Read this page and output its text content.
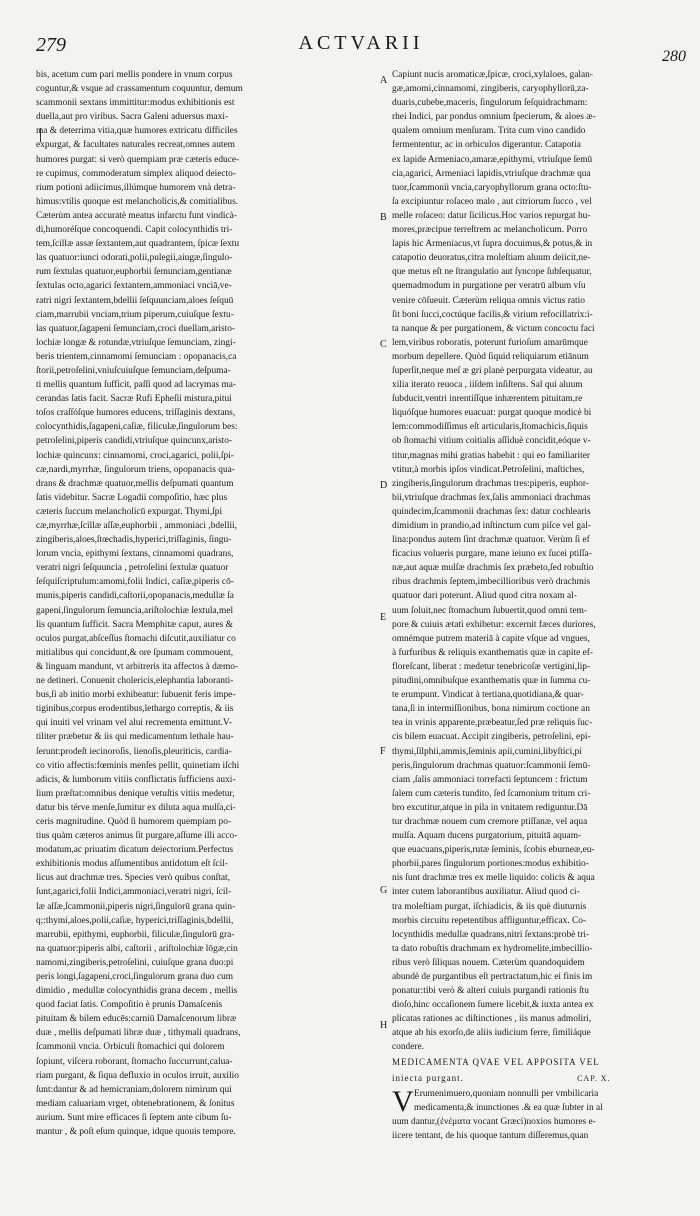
279	ACTVARII
280
A
B
C
D
E
F
G
H
bis, acetum cum pari mellis pondere in vnum corpus
coguntur,& vsque ad crassamentum coquuntur, demum
scammonii sextans immittitur:modus exhibitionis est
duella,aut pro viribus. Sacra Galeni aduersus maxi-
ma & deterrima vitia,quæ humores extricatu difficiles
expurgat, & facultates naturales recreat,omnes autem
humores purgat: si verò quempiam præ cæteris educe-
re cupimus, commoderatum simplex aliquod deiecto-
rium potioni adiicimus,illúmque humorem vnà detra-
himus:vtilis quoque est melancholicis,& comitialibus.
Cæterùm antea accuratè meatus infarctu funt vindicà-
di,humoréſque concoquendi. Capit colocynthidis tri-
tem,ſcillæ assæ ſextantem,aut quadrantem, ſpicæ ſextu
las quatuor:iunci odorati,polii,pulegii,aiugæ,ſingulo-
rum ſextulas quatuor,euphorbii ſemunciam,gentianæ
ſextulas octo,agarici ſextantem,ammoniaci vnciā,ve-
ratri nigri ſextantem,bdellii ſeſquunciam,aloes ſeſquū
ciam,marrubii vnciam,trium piperum,cuiuſque ſextu-
las quatuor,ſagapeni ſemunciam,croci duellam,aristo-
lochiæ longæ & rotundæ,vtriuſque ſemunciam, zingi-
beris trientem,cinnamomi ſemunciam : opopanacis,ca
ſtorii,petroſelini,vniuſcuiuſque ſemunciam,deſpuma-
ti mellis quantum ſufficit, paſſi quod ad lacrymas ma-
cerandas ſatis facit. Sacræ Rufi Epheſii mistura,pitui
toſos craſſóſque humores educens, triſſaginis dextans,
colocynthidis,ſagapeni,caſiæ, filiculæ,ſingulorum bes:
petroſelini,piperis candidi,vtriuſque quincunx,aristo-
lochiæ quincunx: cinnamomi, croci,agarici, polii,ſpi-
cæ,nardi,myrrhæ, ſingulorum triens, opopanacis qua-
drans & drachmæ quatuor,mellis deſpumati quantum
ſatis videbitur. Sacræ Logadii compoſitio, hæc plus
cæteris ſuccum melancholicū expurgat. Thymi,ſpi
cæ,myrrhæ,ſcillæ aſſæ,euphorbii , ammoniaci ,bdellii,
zingiberis,aloes,ſtœchadis,hyperici,triſſaginis, ſingu-
lorum vncia, epithymi ſextans, cinnamomi quadrans,
veratri nigri ſeſquuncia , petroſelini ſextulæ quatuor
ſeſquiſcriptulum:amomi,folii Indici, caſiæ,piperis cō-
munis,piperis candidi,caſtorii,opopanacis,medullæ ſa
gapeni,ſingulorum ſemuncia,ariſtolochiæ ſextula,mel
lis quantum ſufficit. Sacra Memphitæ caput, aures &
oculos purgat,abſceſſus ſtomachi diſcutit,auxiliatur co
mitialibus qui concidunt,& ore ſpumam commouent,
& linguam mandunt, vt arbitreris ita affectos à dæmo-
ne detineri. Conuenit cholericis,elephantia laboranti-
bus,ſi ab initio morbi exhibeatur: ſubuenit feris impe-
tiginibus,corpus erodentibus,lethargo correptis, & iis
qui inuiti vel vrinam vel alui recrementa emittunt.V-
tiliter præbetur & iis qui medicamentum lethale hau-
ſerunt:prodeſt iecinoroſis, lienoſis,pleuriticis, cardia-
co vitio affectis:fœminis menſes pellit, quinetiam iſchi
adicis, & lumborum vitiis conflictatis ſufficiens auxi-
lium præſtat:omnibus denique vetuſtis vitiis medetur,
datur bis térve menſe,ſumitur ex diluta aqua mulſa,ci-
ceris magnitudine. Quòd ſi humorem quempiam po-
tius quàm cæteros animus ſit purgare,aſſume illi acco-
modatum,ac priuatim dicatum deiectorium.Perfectus
exhibitionis modus aſſumentibus antidotum eſt ſcil-
licus aut drachmæ tres. Species verò quibus conſtat,
ſunt,agarici,folii Indici,ammoniaci,veratri nigri, ſcil-
læ aſſæ,ſcammonii,piperis nigri,ſingulorū grana quin-
q;:thymi,aloes,polii,caſiæ, hyperici,triſſaginis,bdellii,
marrubii, epithymi, euphorbii, filiculæ,ſingulorū gra-
na quatuor:piperis albi, caſtorii , ariſtolochiæ lōgæ,cin
namomi,zingiberis,petroſelini, cuiuſque grana duo:pi
peris longi,ſagapeni,croci,ſingulorum grana duo cum
dimidio , medullæ colocynthidis grana decem , mellis
quod faciat ſatis. Compoſitio è prunis Damaſcenis
pituitam & bilem educēs:carniū Damaſcenorum libræ
duæ , mellis deſpumati libræ duæ , tithymali quadrans,
ſcammonii vncia. Orbiculi ſtomachici qui dolorem
ſopiunt, viſcera roborant, ſtomacho ſuccurrunt,calua-
riam purgant, & ſiqua defluxio in oculos irruit, auxilio
ſunt:dantur & ad hemicraniam,dolorem nimirum qui
mediam caluariam vrget, obtenebrationem, & ſonitus
aurium. Sunt mire efficaces ſi ſeptem ante cibum ſu-
mantur , & poſt eſum quinque, idque quouis tempore.
Capiunt nucis aromaticæ,ſpicæ, croci,xylaloes, galan-
gæ,amomi,cinnamomi, zingiberis, caryophyllorū,za-
duaris,cubebe,maceris, ſingulorum ſeſquidrachmam:
rhei Indici, par pondus omnium ſpecierum, & aloes æ-
qualem omnium menſuram. Trita cum vino candido
fermententur, ac in orbiculos digerantur. Catapotia
ex lapide Armeniaco,amaræ,epithymi, vtriuſque ſemū
cia,agarici, Armeniaci lapidis,vtriuſque drachmæ qua
tuor,ſcammonii vncia,caryophyllorum grana octo:ſtu-
ſa excipiuntur roſaceo malo , aut citriorum ſucco , vel
melle roſaceo: datur ſicilicus.Hoc varios repurgat hu-
mores,præcipue terreſtrem ac melancholicum. Porro
lapis hic Armeniacus,vt ſupra docuimus,& potus,& in
catapotio deuoratus,citra moleſtiam aluum deiicit,ne-
que metus eſt ne ſtrangulatio aut ſyncope ſubſequatur,
quemadmodum in purgatione per veratrū album vſu
venire cōſueuit. Cæterùm reliqua omnis victus ratio
ſit boni ſucci,coctúque facilis,& virium refocillatrix:i-
ta nanque & per purgationem, & victum concoctu faci
lem,viribus roboratis, poterunt furioſum amarūmque
morbum depellere. Quòd ſiquid reliquiarum etiānum
ſuperſit,neque meſ æ gri planè perpurgata videatur, au
xilia iterato reuoca , iiſdem inſiſtens. Sal qui aluum
ſubducit,ventri inrentiſſque inhærentem pituitam,re
liquóſque humores euacuat: purgat quoque modicè bi
lem:commodiſſimus eſt articularis,ſtomachicis,ſiquis
ob ſtomachi vitium coitialis aſſiduè concidit,eóque v-
titur,magnas mihi gratias habebit : qui eo familiariter
vtitur,à morbis ipſos vindicat.Petroſelini, maſtiches,
zingiberis,ſingulorum drachmas tres:piperis, euphor-
bii,vtriuſque drachmas ſex,ſalis ammoniaci drachmas
quindecim,ſcammonii drachmas ſex: datur cochlearis
dimidium in prandio,ad inſtinctum cum piſce vel gal-
lina:pondus autem ſint drachmæ quatuor. Verùm ſi ef
ficacius volueris purgare, mane ieiuno ex ſucei ptiſſa-
næ,aut aquæ mulſæ drachmis ſex præbeto,ſed robuſtio
ribus drachmis ſeptem,imbecillioribus verò drachmis
quatuor dari poterunt. Aliud quod citra noxam al-
uum ſoluit,nec ſtomachum ſubuertit,quod omni tem-
pore & cuiuis ætati exhibetur: excernit fæces duriores,
omnémque putrem materiā à capite vſque ad vngues,
à furfuribus & reliquis exanthematis quæ in capite ef-
floreſcant, liberat : medetur tenebricoſæ vertigini,lip-
pitudini,omnibuſque exanthematis quæ in ſumma cu-
te erumpunt. Vindicat à tertiana,quotidiana,& quar-
tana,ſi in intermiſſionibus, bona nimirum coctione an
tea in vrinis apparente,præbeatur,ſed præ reliquis ſuc-
cis bilem euacuat. Accipit zingiberis, petroſelini, epi-
thymi,ſilphii,ammis,ſeminis apii,cumini,libyſtici,pi
peris,ſingulorum drachmas quatuor:ſcammonii ſemū-
ciam ,ſalis ammoniaci torrefacti ſeptuncem : frictum
ſalem cum cæteris tundito, ſed ſcamonium tritum cri-
bro excutitur,atque in pila in vnitatem rediguntur.Dā
tur drachmæ nouem cum cremore ptiſſanæ, vel aqua
mulſa. Aquam ducens purgatorium, pituitā aquam-
que euacuans,piperis,rutæ ſeminis, ſcobis eburneæ,eu-
phorbii,pares ſingulorum portiones:modus exhibitio-
nis ſunt drachmæ tres ex melle liquido: colicis & aqua
inter cutem laborantibus auxiliatur. Aliud quod ci-
tra moleſtiam purgat, iſchiadicis, & iis què diuturnis
morbis circuitu repetentibus affliguntur,efficax. Co-
locynthidis medullæ quadrans,nitri ſextans:probè tri-
ta dato robuſtis drachmam ex hydromelite,imbecillio-
ribus verò ſiliquas nouem. Cæterùm quandoquidem
abundè de purgantibus eſt pertractatum,hic ei finis im
ponatur:tibi verò & alteri cuiuis purgandi rationis ſtu
dioſo,hinc occaſionem ſumere licebit,& iuxta antea ex
plicatas rationes ac diſtinctiones , iis manus admoliri,
atque ab his exorſo,de aliis iudicium ferre, ſimiliáque
condere.
MEDICAMENTA QVAE VEL APPOSITA VEL
iniecta purgant.	CAP. X.
V Erumenimuero,quoniam nonnulli per vmbilicaria
medicamenta,& inunctiones .& ea quæ ſubter in al
uum dantur,(ἐνέματα vocant Græci)noxios humores e-
iicere tentant, de his quoque tantum diſſeremus,quan
